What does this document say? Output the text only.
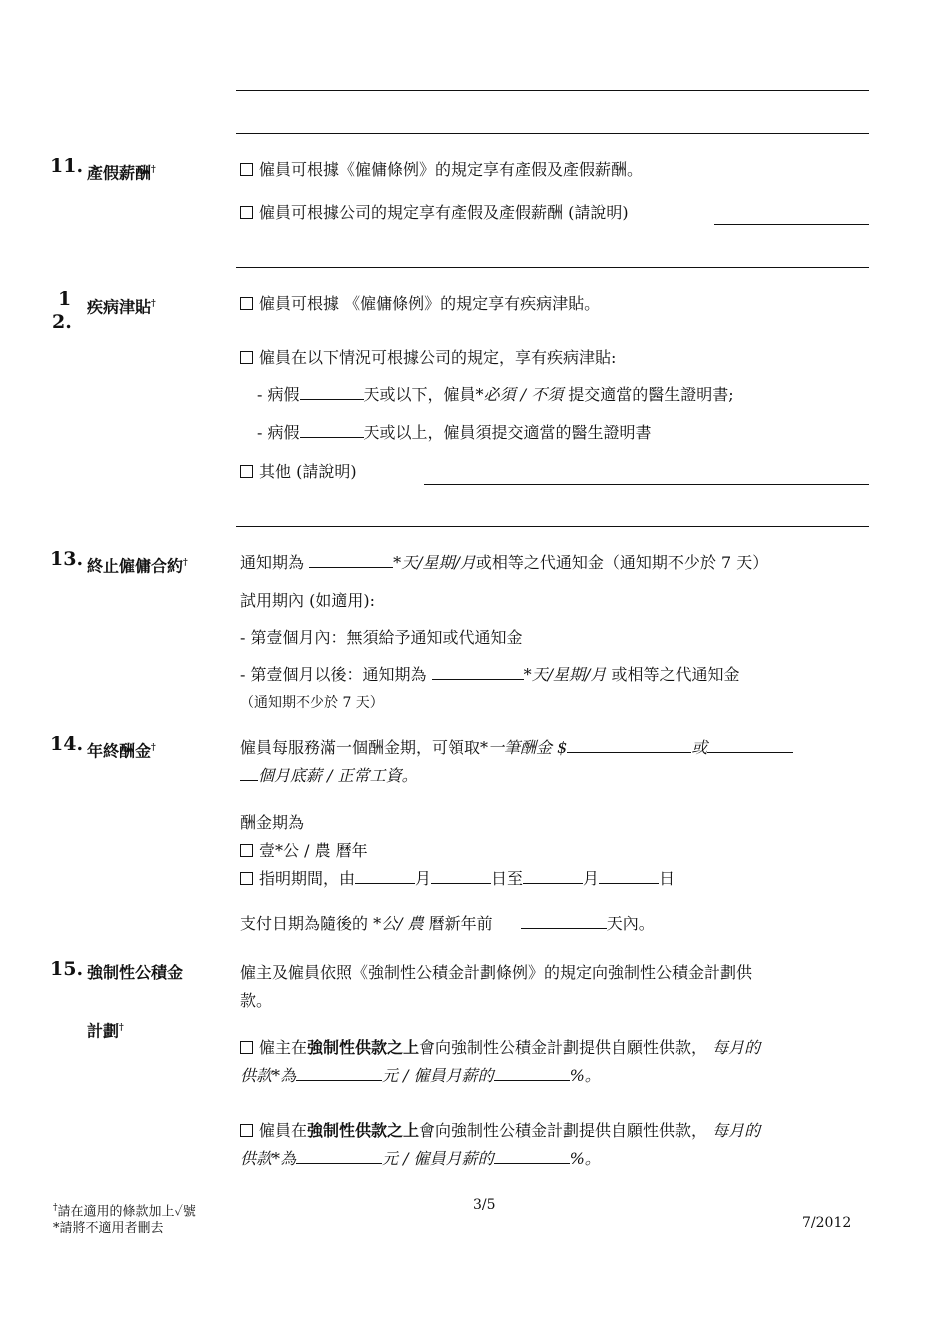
11. 產假薪酬†	僱員可根據《僱傭條例》的規定享有產假及產假薪酬。
僱員可根據公司的規定享有產假及產假薪酬 (請說明)
1
2.
疾病津貼†	僱員可根據 《僱傭條例》的規定享有疾病津貼。
僱員在以下情況可根據公司的規定，享有疾病津貼:
- 病假	天或以下，僱員*必須 / 不須 提交適當的醫生證明書;
- 病假	天或以上，僱員須提交適當的醫生證明書
其他 (請說明)
13. 終止僱傭合約†	通知期為	*天/星期/月或相等之代通知金（通知期不少於 7 天）
試用期內 (如適用):
- 第壹個月內：無須給予通知或代通知金
- 第壹個月以後：通知期為	*天/星期/月 或相等之代通知金
（通知期不少於 7 天）
14. 年終酬金†	僱員每服務滿一個酬金期，可領取*一筆酬金 $	或
個月底薪 / 正常工資。
酬金期為
壹*公 / 農 曆年
指明期間，由	月	日至	月	日
支付日期為隨後的 *公/ 農 曆新年前	天內。
15. 強制性公積金
計劃†
僱主及僱員依照《強制性公積金計劃條例》的規定向強制性公積金計劃供
款。
僱主在強制性供款之上會向強制性公積金計劃提供自願性供款， 每月的
供款*為	元 / 僱員月薪的	%。
僱員在強制性供款之上會向強制性公積金計劃提供自願性供款， 每月的
供款*為	元 / 僱員月薪的	%。
†請在適用的條款加上✓號
*請將不適用者刪去
3/5
7/2012
